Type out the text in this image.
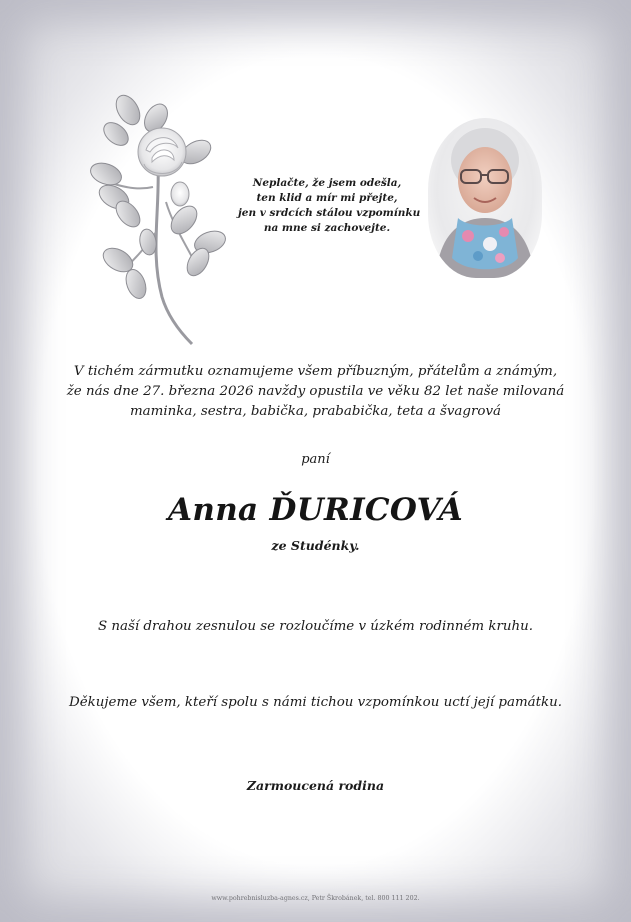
Neplačte, že jsem odešla,
ten klid a mír mi přejte,
jen v srdcích stálou vzpomínku
na mne si zachovejte.
V tichém zármutku oznamujeme všem příbuzným, přátelům a známým,
že nás dne 27. března 2026 navždy opustila ve věku 82 let naše milovaná
maminka, sestra, babička, prababička, teta a švagrová
paní
Anna ĎURICOVÁ
ze Studénky.
S naší drahou zesnulou se rozloučíme v úzkém rodinném kruhu.
Děkujeme všem, kteří spolu s námi tichou vzpomínkou uctí její památku.
Zarmoucená rodina
www.pohrebnisluzba-agnes.cz, Petr Škrobánek, tel. 800 111 202.
